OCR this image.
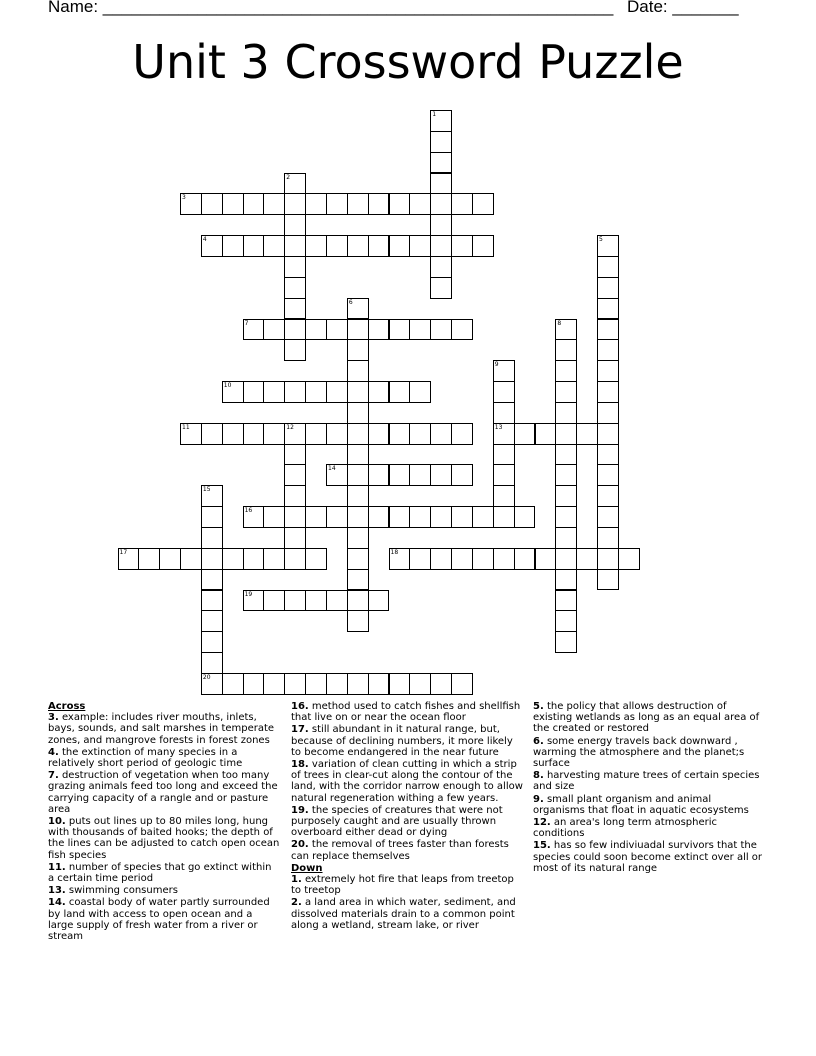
Name: ______________________________________________________ Date: _______
Unit 3 Crossword Puzzle
1
2
3
4	5
6
7	8
9
13
10
11	12
14
15
16
17	18
19
20
Across
3. example: includes river mouths, inlets, bays, sounds, and salt marshes in temperate zones, and mangrove forests in forest zones
4. the extinction of many species in a relatively short period of geologic time
7. destruction of vegetation when too many grazing animals feed too long and exceed the carrying capacity of a rangle and or pasture area
10. puts out lines up to 80 miles long, hung with thousands of baited hooks; the depth of the lines can be adjusted to catch open ocean fish species
11. number of species that go extinct within a certain time period
13. swimming consumers
14. coastal body of water partly surrounded by land with access to open ocean and a large supply of fresh water from a river or stream
16. method used to catch fishes and shellfish that live on or near the ocean floor
17. still abundant in it natural range, but, because of declining numbers, it more likely to become endangered in the near future
18. variation of clean cutting in which a strip of trees in clear-cut along the contour of the land, with the corridor narrow enough to allow natural regeneration withing a few years.
19. the species of creatures that were not purposely caught and are usually thrown overboard either dead or dying
20. the removal of trees faster than forests can replace themselves
Down
1. extremely hot fire that leaps from treetop to treetop
2. a land area in which water, sediment, and dissolved materials drain to a common point along a wetland, stream lake, or river
5. the policy that allows destruction of existing wetlands as long as an equal area of the created or restored
6. some energy travels back downward , warming the atmosphere and the planet;s surface
8. harvesting mature trees of certain species and size
9. small plant organism and animal organisms that float in aquatic ecosystems
12. an area's long term atmospheric conditions
15. has so few indiviuadal survivors that the species could soon become extinct over all or most of its natural range
